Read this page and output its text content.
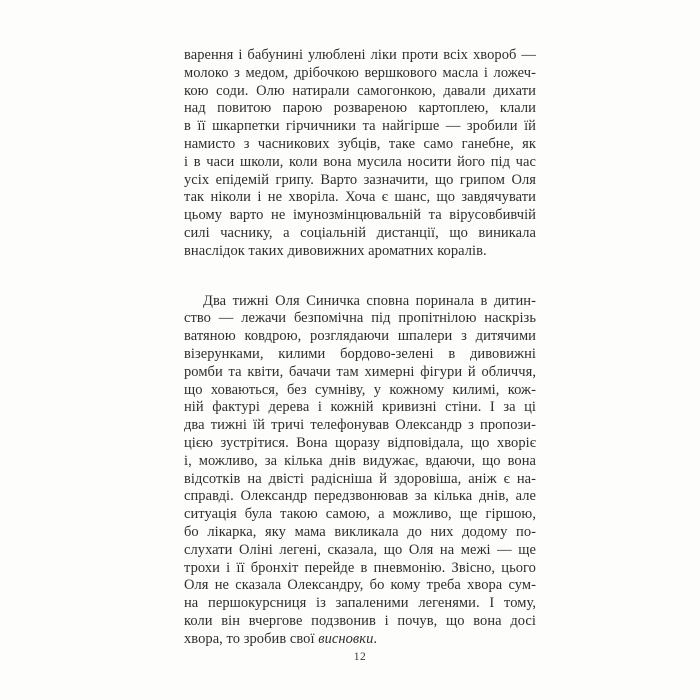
варення і бабунині улюблені ліки проти всіх хвороб —
молоко з медом, дрібочкою вершкового масла і ложеч-
кою соди. Олю натирали самогонкою, давали дихати
над повитою парою розвареною картоплею, клали
в її шкарпетки гірчичники та найгірше — зробили їй
намисто з часникових зубців, таке само ганебне, як
і в часи школи, коли вона мусила носити його під час
усіх епідемій грипу. Варто зазначити, що грипом Оля
так ніколи і не хворіла. Хоча є шанс, що завдячувати
цьому варто не імунозмінцювальній та вірусовбивчій
силі часнику, а соціальній дистанції, що виникала
внаслідок таких дивовижних ароматних коралів.
Два тижні Оля Синичка сповна поринала в дитин-
ство — лежачи безпомічна під пропітнілою наскрізь
ватяною ковдрою, розглядаючи шпалери з дитячими
візерунками, килими бордово-зелені в дивовижні
ромби та квіти, бачачи там химерні фігури й обличчя,
що ховаються, без сумніву, у кожному килимі, кож-
ній фактурі дерева і кожній кривизні стіни. І за ці
два тижні їй тричі телефонував Олександр з пропози-
цією зустрітися. Вона щоразу відповідала, що хворіє
і, можливо, за кілька днів видужає, вдаючи, що вона
відсотків на двісті радісніша й здоровіша, аніж є на-
справді. Олександр передзвонював за кілька днів, але
ситуація була такою самою, а можливо, ще гіршою,
бо лікарка, яку мама викликала до них додому по-
слухати Оліні легені, сказала, що Оля на межі — ще
трохи і її бронхіт перейде в пневмонію. Звісно, цього
Оля не сказала Олександру, бо кому треба хвора сум-
на першокурсниця із запаленими легенями. І тому,
коли він вчергове подзвонив і почув, що вона досі
хвора, то зробив свої висновки.
12
